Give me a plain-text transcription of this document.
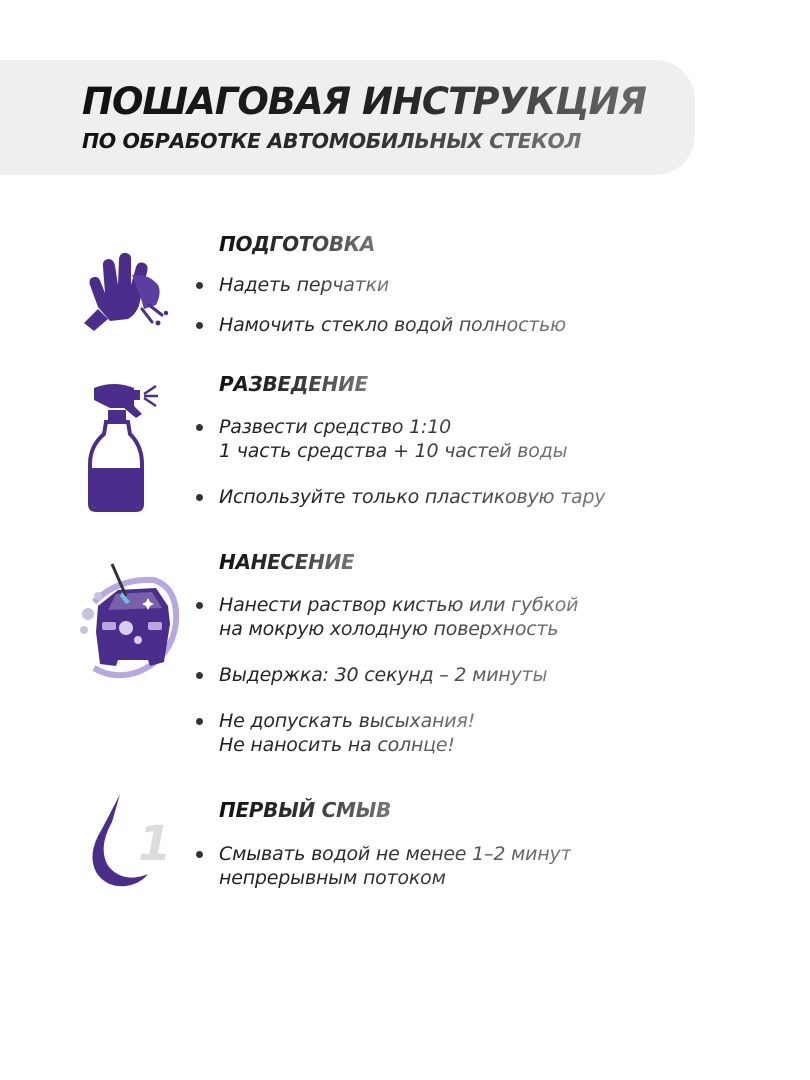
ПОШАГОВАЯ ИНСТРУКЦИЯ
ПО ОБРАБОТКЕ АВТОМОБИЛЬНЫХ СТЕКОЛ
ПОДГОТОВКА
Надеть перчатки
Намочить стекло водой полностью
РАЗВЕДЕНИЕ
Развести средство 1:10
1 часть средства + 10 частей воды
Используйте только пластиковую тару
НАНЕСЕНИЕ
Нанести раствор кистью или губкой
на мокрую холодную поверхность
Выдержка: 30 секунд – 2 минуты
Не допускать высыхания!
Не наносить на солнце!
1
ПЕРВЫЙ СМЫВ
Смывать водой не менее 1–2 минут
непрерывным потоком
